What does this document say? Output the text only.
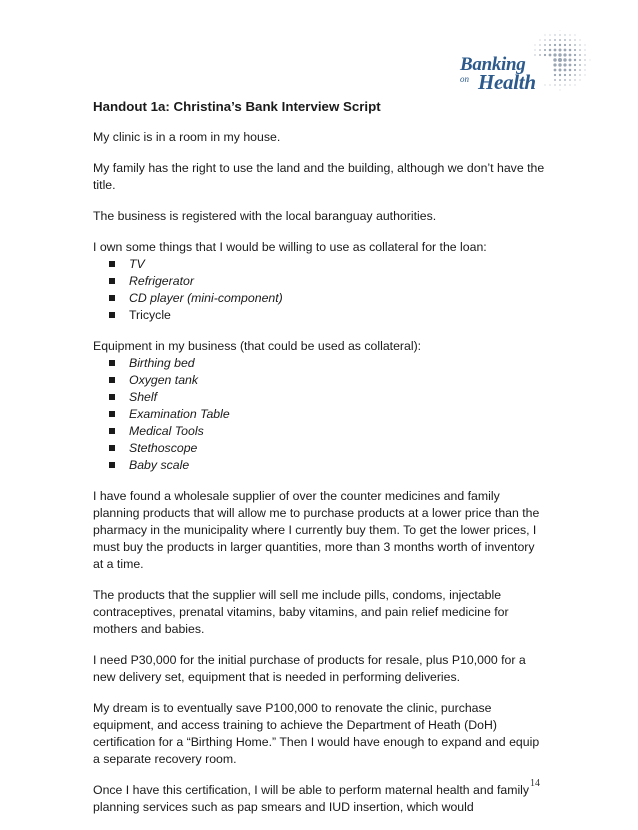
Banking
on Health
Handout 1a: Christina’s Bank Interview Script

My clinic is in a room in my house.

My family has the right to use the land and the building, although we don’t have the title.

The business is registered with the local baranguay authorities.

I own some things that I would be willing to use as collateral for the loan:

TV
Refrigerator
CD player (mini-component)
Tricycle

Equipment in my business (that could be used as collateral):

Birthing bed
Oxygen tank
Shelf
Examination Table
Medical Tools
Stethoscope
Baby scale

I have found a wholesale supplier of over the counter medicines and family planning products that will allow me to purchase products at a lower price than the pharmacy in the municipality where I currently buy them. To get the lower prices, I must buy the products in larger quantities, more than 3 months worth of inventory at a time.

The products that the supplier will sell me include pills, condoms, injectable contraceptives, prenatal vitamins, baby vitamins, and pain relief medicine for mothers and babies.

I need P30,000 for the initial purchase of products for resale, plus P10,000 for a new delivery set, equipment that is needed in performing deliveries.

My dream is to eventually save P100,000 to renovate the clinic, purchase equipment, and access training to achieve the Department of Heath (DoH) certification for a “Birthing Home.” Then I would have enough to expand and equip a separate recovery room.

Once I have this certification, I will be able to perform maternal health and family planning services such as pap smears and IUD insertion, which would

14
